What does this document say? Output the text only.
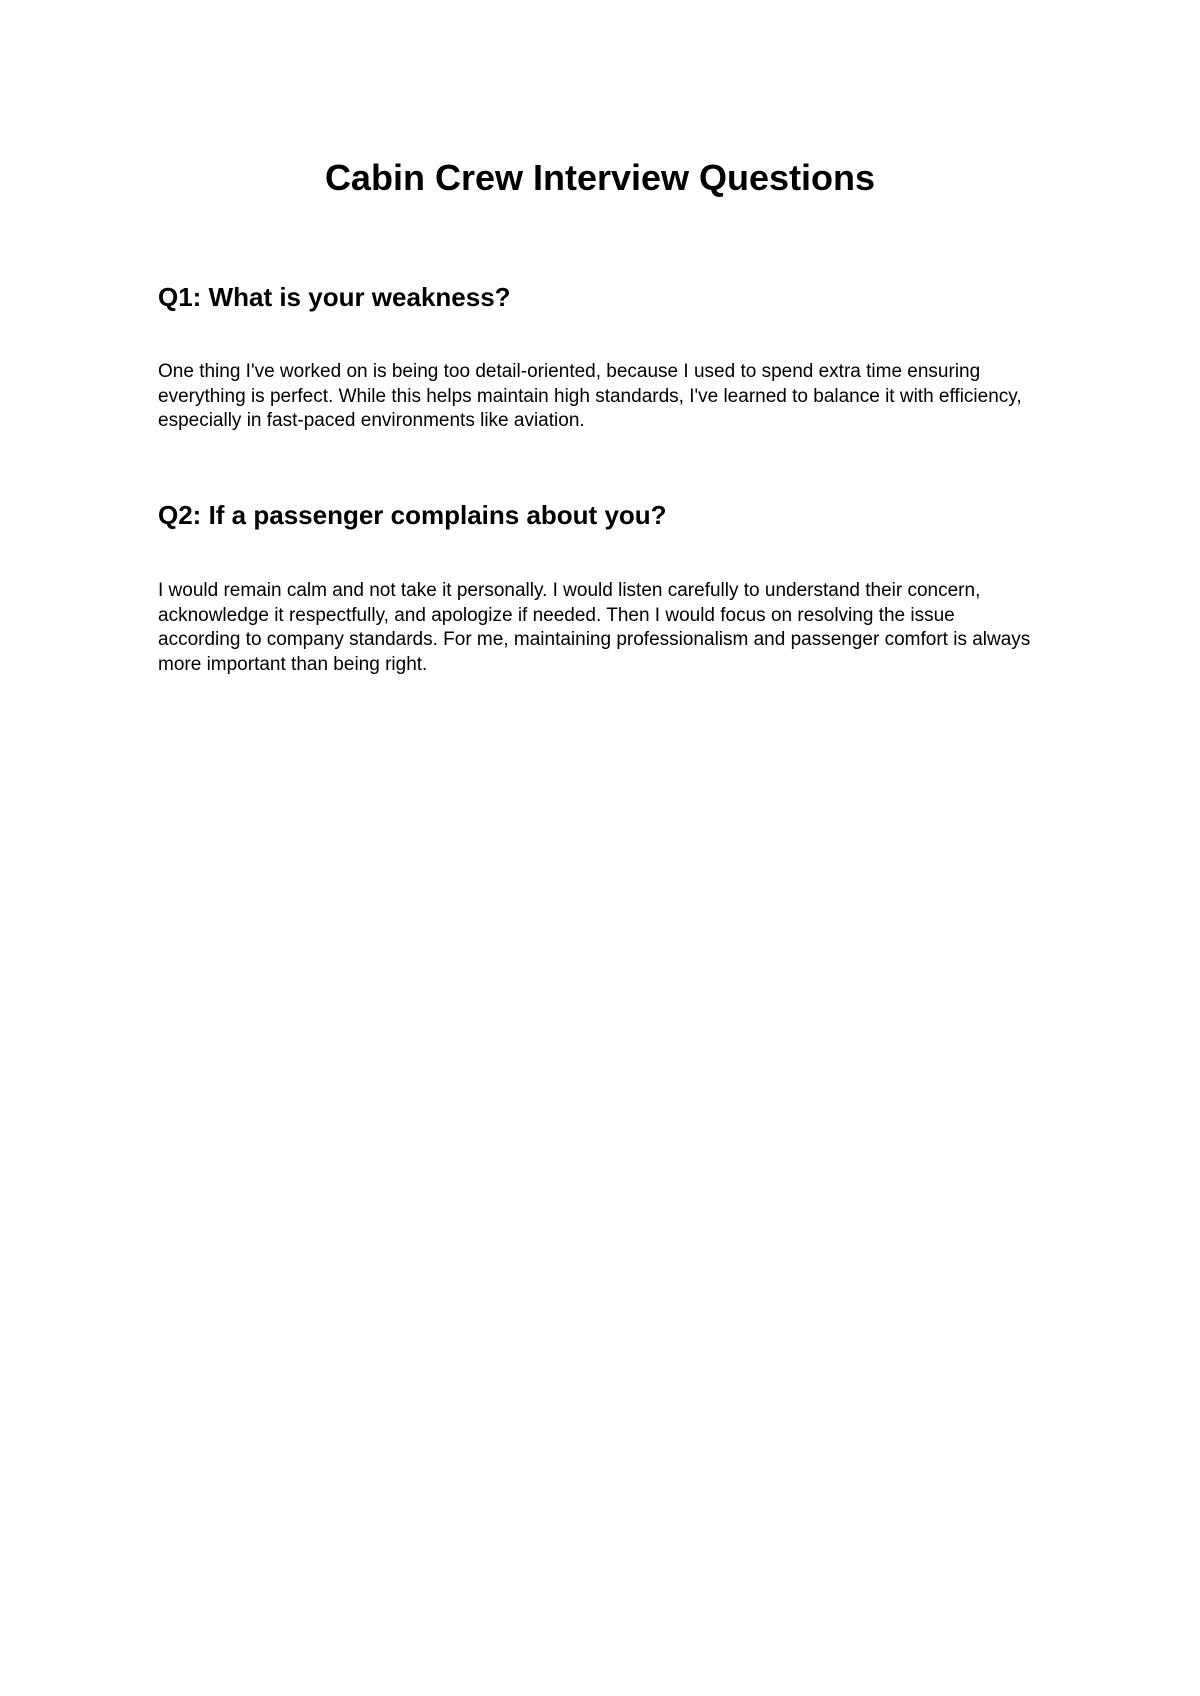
Cabin Crew Interview Questions
Q1: What is your weakness?

One thing I've worked on is being too detail-oriented, because I used to spend extra time ensuring everything is perfect. While this helps maintain high standards, I've learned to balance it with efficiency, especially in fast-paced environments like aviation.

Q2: If a passenger complains about you?

I would remain calm and not take it personally. I would listen carefully to understand their concern, acknowledge it respectfully, and apologize if needed. Then I would focus on resolving the issue according to company standards. For me, maintaining professionalism and passenger comfort is always more important than being right.
